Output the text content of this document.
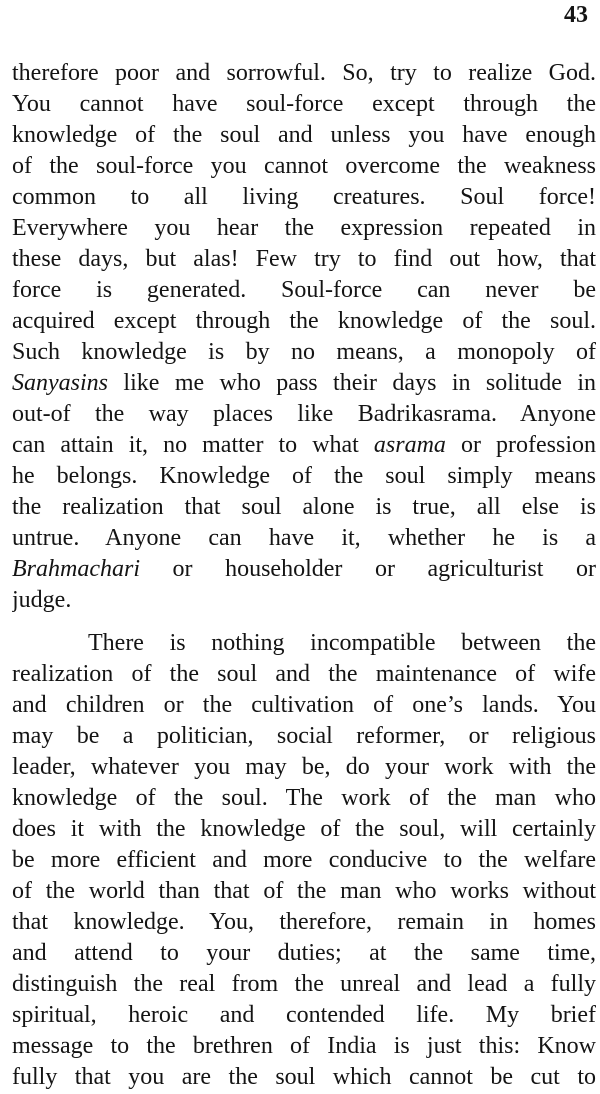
43
therefore poor and sorrowful. So, try to realize God.
You cannot have soul-force except through the
knowledge of the soul and unless you have enough
of the soul-force you cannot overcome the weakness
common to all living creatures. Soul force!
Everywhere you hear the expression repeated in
these days, but alas! Few try to find out how, that
force is generated. Soul-force can never be
acquired except through the knowledge of the soul.
Such knowledge is by no means, a monopoly of
Sanyasins like me who pass their days in solitude in
out-of the way places like Badrikasrama. Anyone
can attain it, no matter to what asrama or profession
he belongs. Knowledge of the soul simply means
the realization that soul alone is true, all else is
untrue. Anyone can have it, whether he is a
Brahmachari or householder or agriculturist or
judge.
There is nothing incompatible between the
realization of the soul and the maintenance of wife
and children or the cultivation of one’s lands. You
may be a politician, social reformer, or religious
leader, whatever you may be, do your work with the
knowledge of the soul. The work of the man who
does it with the knowledge of the soul, will certainly
be more efficient and more conducive to the welfare
of the world than that of the man who works without
that knowledge. You, therefore, remain in homes
and attend to your duties; at the same time,
distinguish the real from the unreal and lead a fully
spiritual, heroic and contended life. My brief
message to the brethren of India is just this: Know
fully that you are the soul which cannot be cut to
